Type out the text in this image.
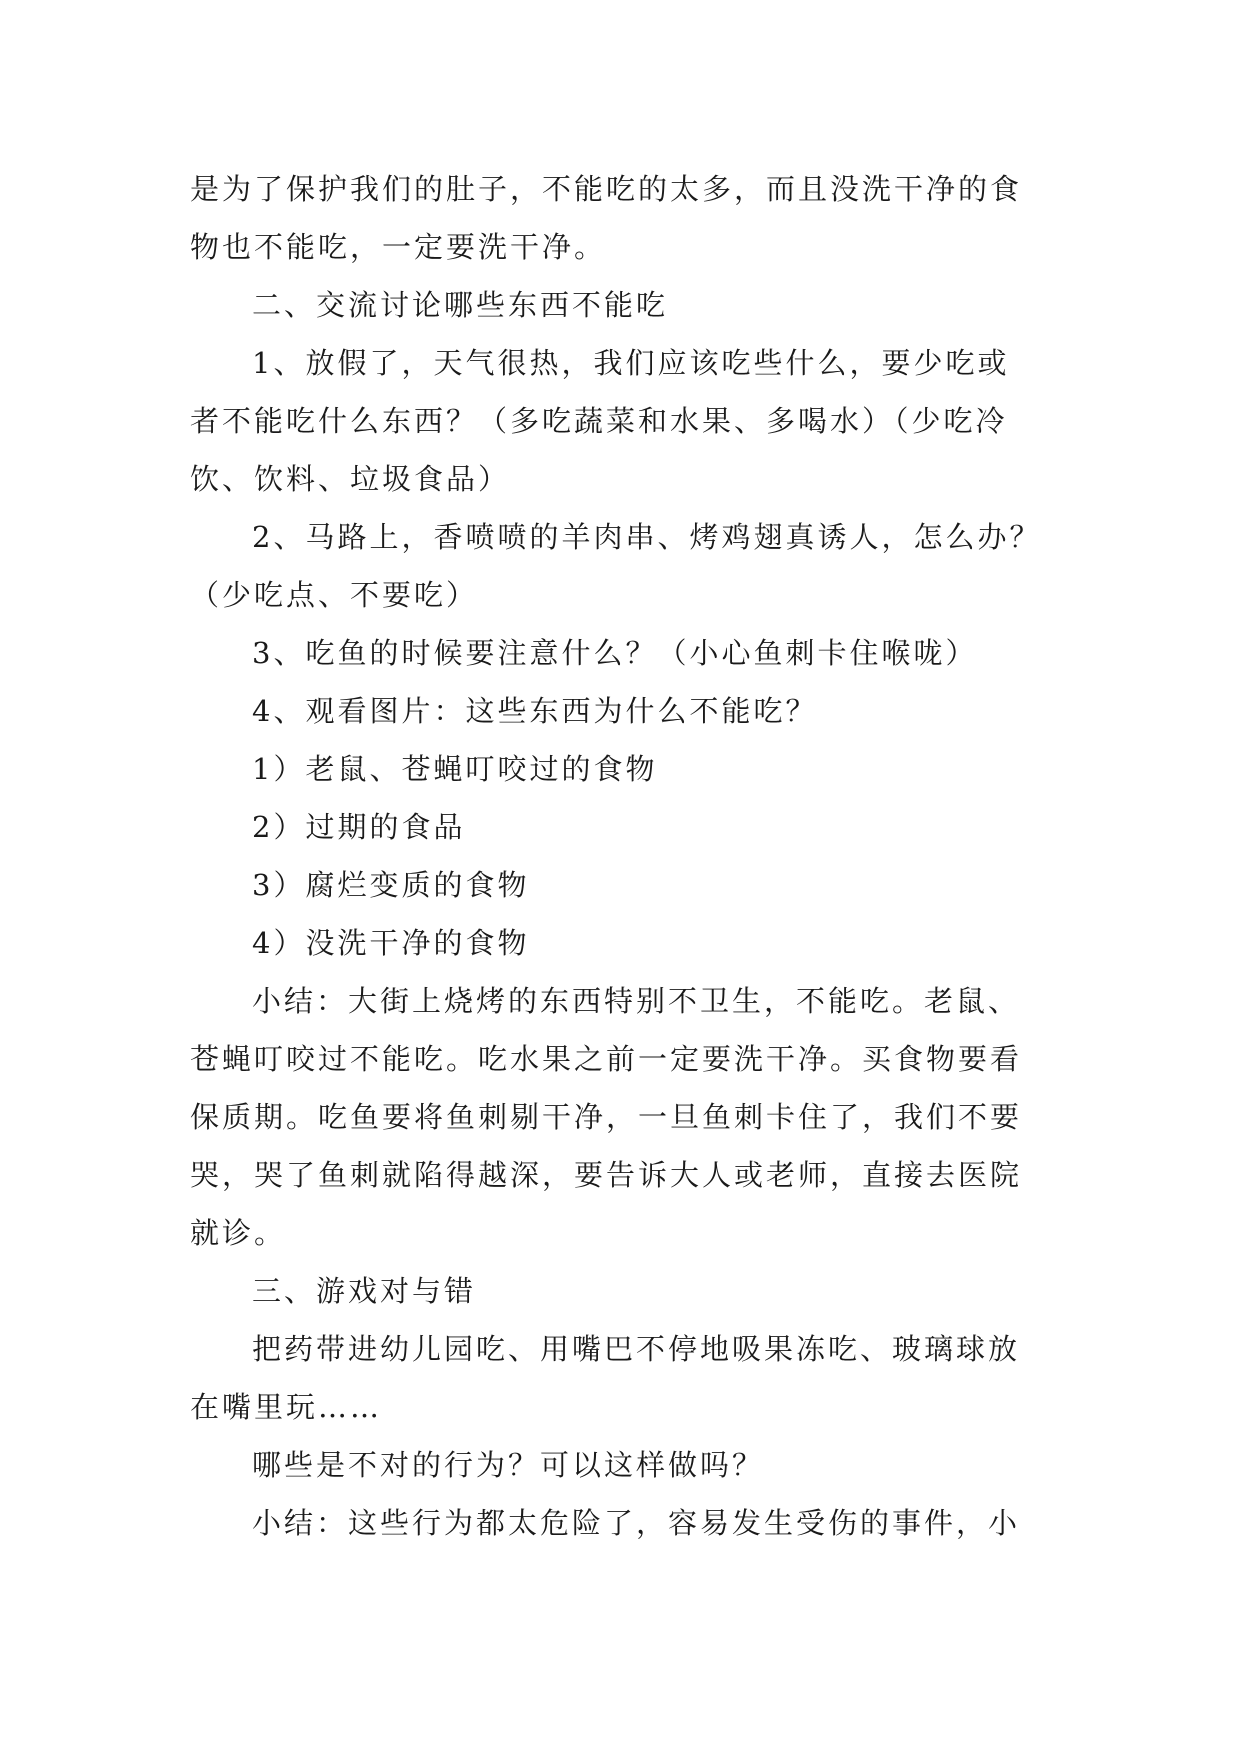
是为了保护我们的肚子，不能吃的太多，而且没洗干净的食
物也不能吃，一定要洗干净。
二、交流讨论哪些东西不能吃
1、放假了，天气很热，我们应该吃些什么，要少吃或
者不能吃什么东西？（多吃蔬菜和水果、多喝水）（少吃冷
饮、饮料、垃圾食品）
2、马路上，香喷喷的羊肉串、烤鸡翅真诱人，怎么办？
（少吃点、不要吃）
3、吃鱼的时候要注意什么？（小心鱼刺卡住喉咙）
4、观看图片：这些东西为什么不能吃？
1）老鼠、苍蝇叮咬过的食物
2）过期的食品
3）腐烂变质的食物
4）没洗干净的食物
小结：大街上烧烤的东西特别不卫生，不能吃。老鼠、
苍蝇叮咬过不能吃。吃水果之前一定要洗干净。买食物要看
保质期。吃鱼要将鱼刺剔干净，一旦鱼刺卡住了，我们不要
哭，哭了鱼刺就陷得越深，要告诉大人或老师，直接去医院
就诊。
三、游戏对与错
把药带进幼儿园吃、用嘴巴不停地吸果冻吃、玻璃球放
在嘴里玩……
哪些是不对的行为？可以这样做吗？
小结：这些行为都太危险了，容易发生受伤的事件，小
